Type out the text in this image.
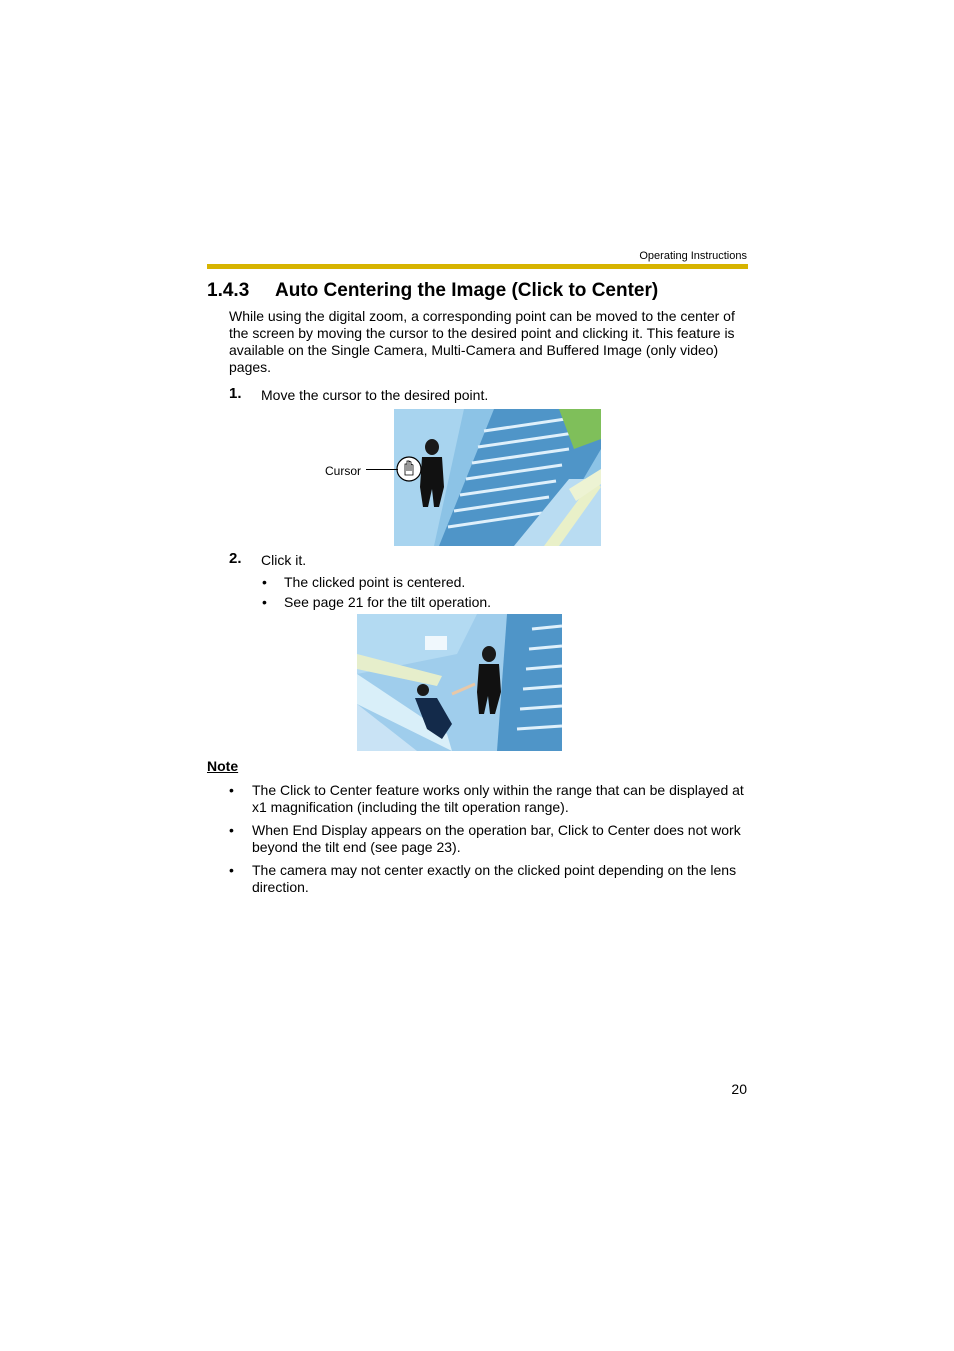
Operating Instructions
1.4.3 Auto Centering the Image (Click to Center)
While using the digital zoom, a corresponding point can be moved to the center of the screen by moving the cursor to the desired point and clicking it. This feature is available on the Single Camera, Multi-Camera and Buffered Image (only video) pages.
1. Move the cursor to the desired point.
Cursor
2. Click it.
• The clicked point is centered.
• See page 21 for the tilt operation.
Note
• The Click to Center feature works only within the range that can be displayed at x1 magnification (including the tilt operation range).
• When End Display appears on the operation bar, Click to Center does not work beyond the tilt end (see page 23).
• The camera may not center exactly on the clicked point depending on the lens direction.
20
